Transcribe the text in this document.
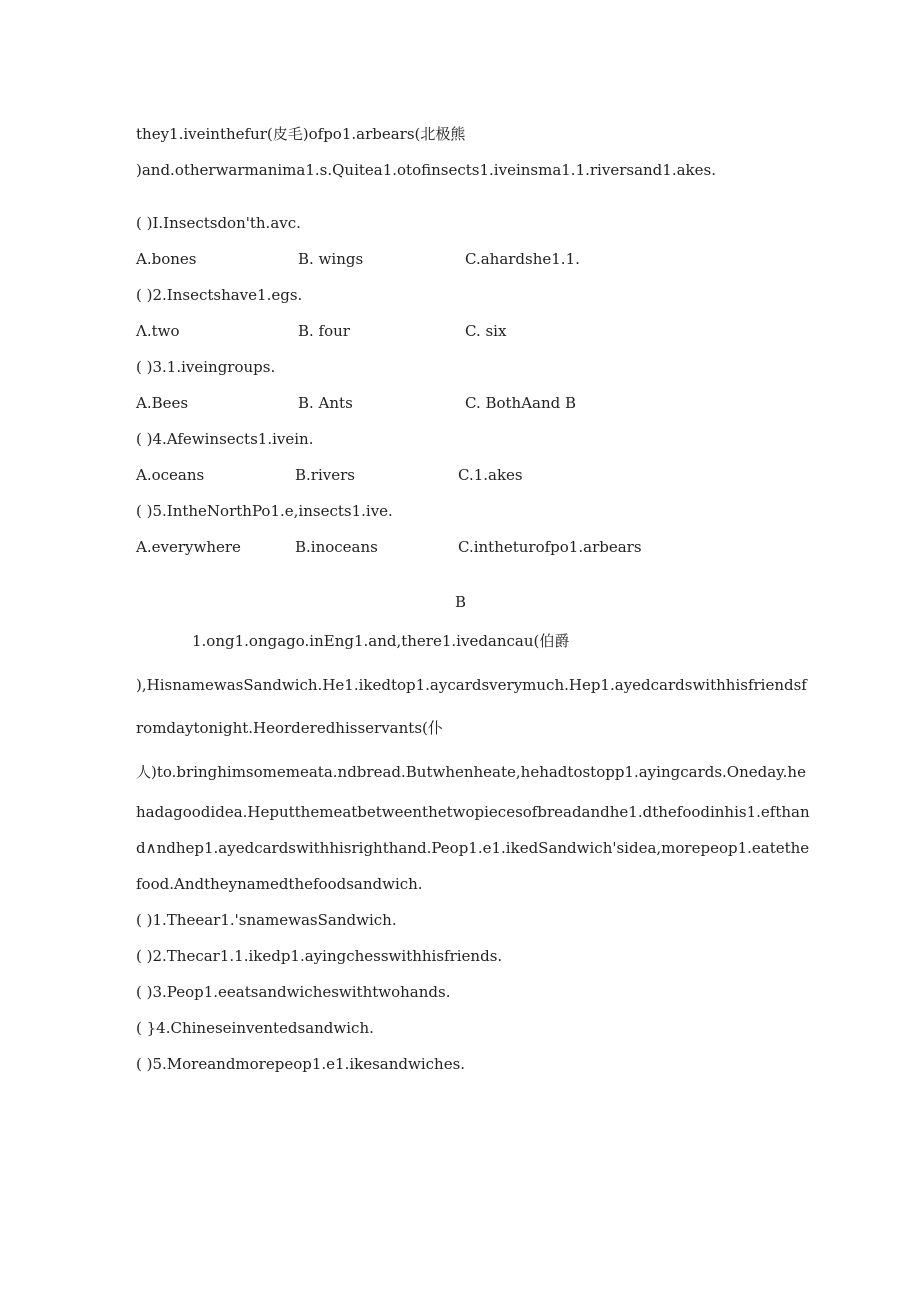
they1.iveinthefur(皮毛)ofpo1.arbears(北极熊
)and.otherwarmanima1.s.Quitea1.otofinsects1.iveinsma1.1.riversand1.akes.
( )I.Insectsdon'th.avc.
A.bones	B. wings	C.ahardshe1.1.
( )2.Insectshave1.egs.
Λ.two	B. four	C. six
( )3.1.iveingroups.
A.Bees	B. Ants	C. BothAand B
( )4.Afewinsects1.ivein.
A.oceans	B.rivers	C.1.akes
( )5.IntheNorthPo1.e,insects1.ive.
A.everywhere	B.inoceans	C.intheturofpo1.arbears
B
1.ong1.ongago.inEng1.and,there1.ivedancau(伯爵
),HisnamewasSandwich.He1.ikedtop1.aycardsverymuch.Hep1.ayedcardswithhisfriendsf
romdaytonight.Heorderedhisservants(仆
人)to.bringhimsomemeata.ndbread.Butwhenheate,hehadtostopp1.ayingcards.Oneday.he
hadagoodidea.Heputthemeatbetweenthetwopiecesofbreadandhe1.dthefoodinhis1.efthan
d∧ndhep1.ayedcardswithhisrighthand.Peop1.e1.ikedSandwich'sidea,morepeop1.eatethe
food.Andtheynamedthefoodsandwich.
( )1.Theear1.'snamewasSandwich.
( )2.Thecar1.1.ikedp1.ayingchesswithhisfriends.
( )3.Peop1.eeatsandwicheswithtwohands.
( }4.Chineseinventedsandwich.
( )5.Moreandmorepeop1.e1.ikesandwiches.
